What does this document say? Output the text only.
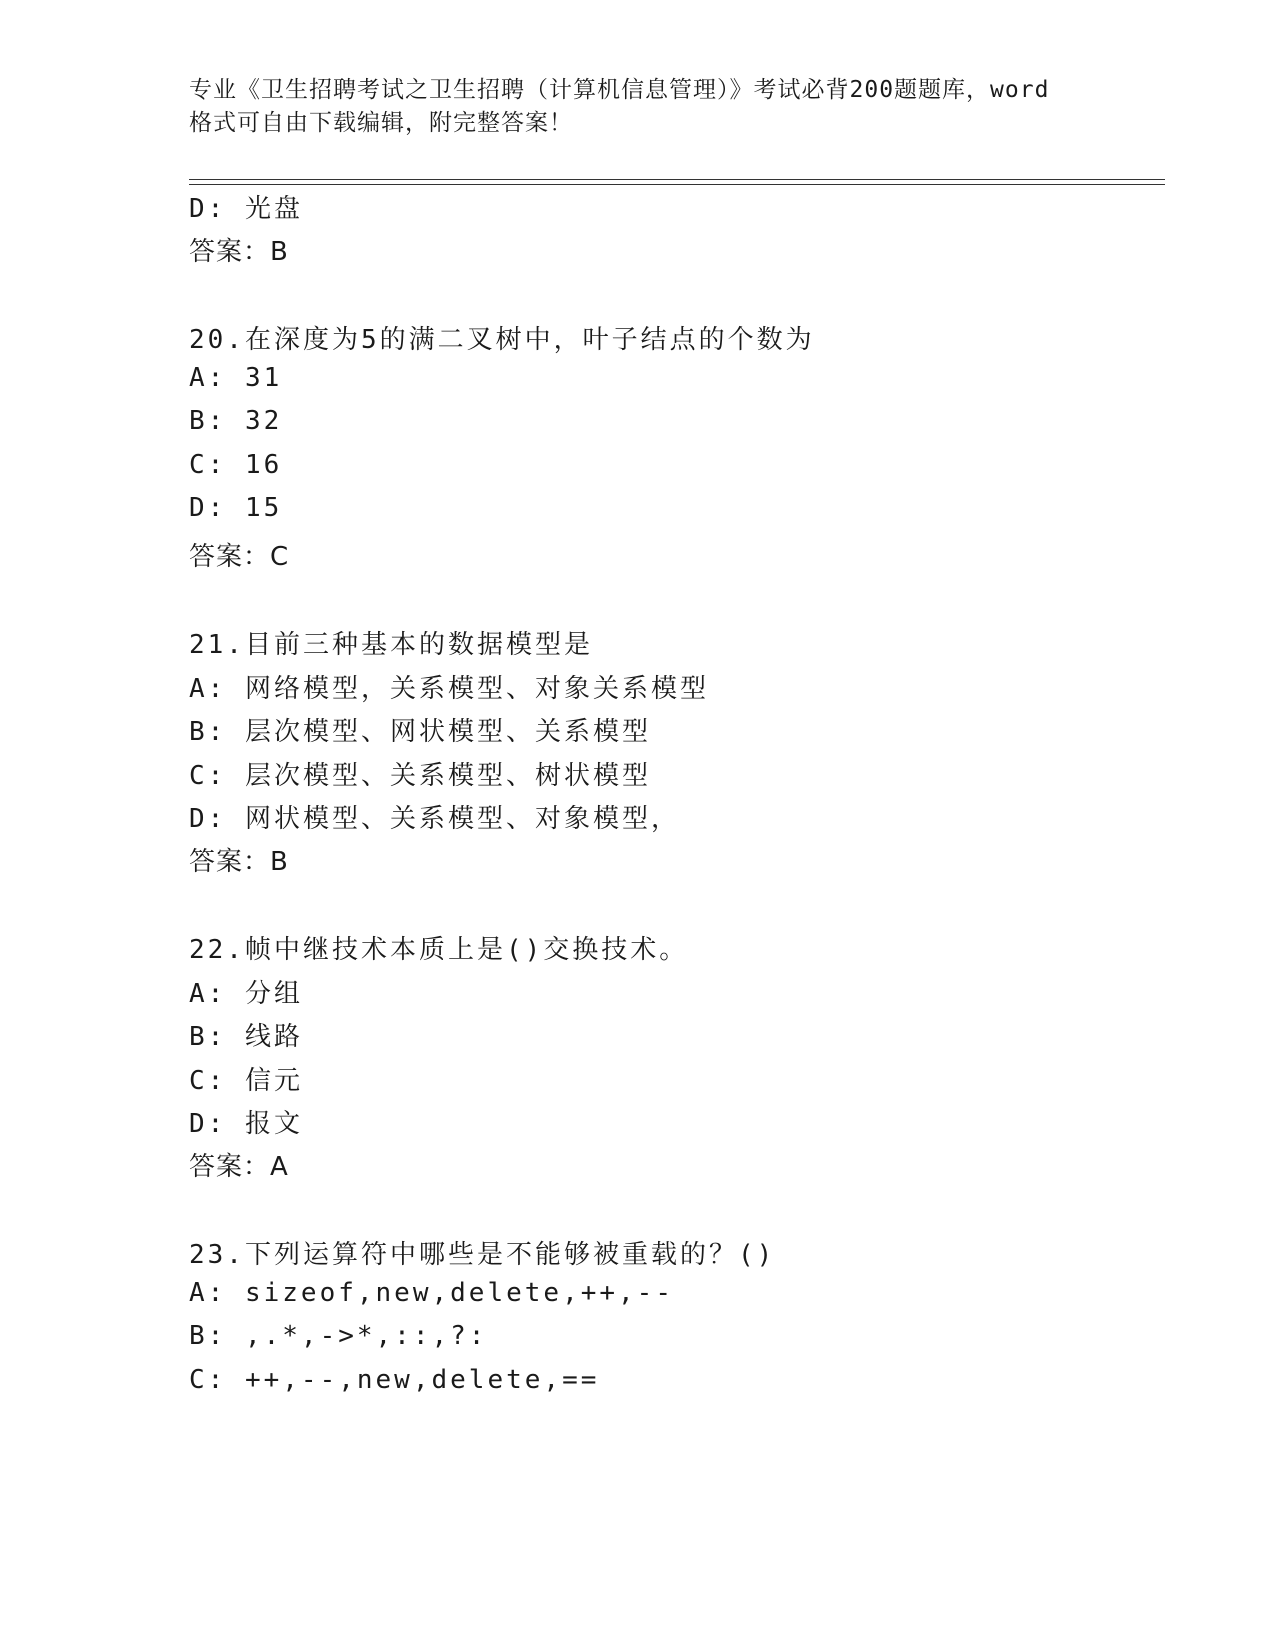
专业《卫生招聘考试之卫生招聘（计算机信息管理）》考试必背200题题库，word
格式可自由下载编辑，附完整答案！
D: 光盘
答案：B
20.在深度为5的满二叉树中，叶子结点的个数为
A: 31
B: 32
C: 16
D: 15
答案：C
21.目前三种基本的数据模型是
A: 网络模型，关系模型、对象关系模型
B: 层次模型、网状模型、关系模型
C: 层次模型、关系模型、树状模型
D: 网状模型、关系模型、对象模型，
答案：B
22.帧中继技术本质上是()交换技术。
A: 分组
B: 线路
C: 信元
D: 报文
答案：A
23.下列运算符中哪些是不能够被重载的？()
A: sizeof,new,delete,++,--
B: ,.*,->*,::,?:
C: ++,--,new,delete,==
